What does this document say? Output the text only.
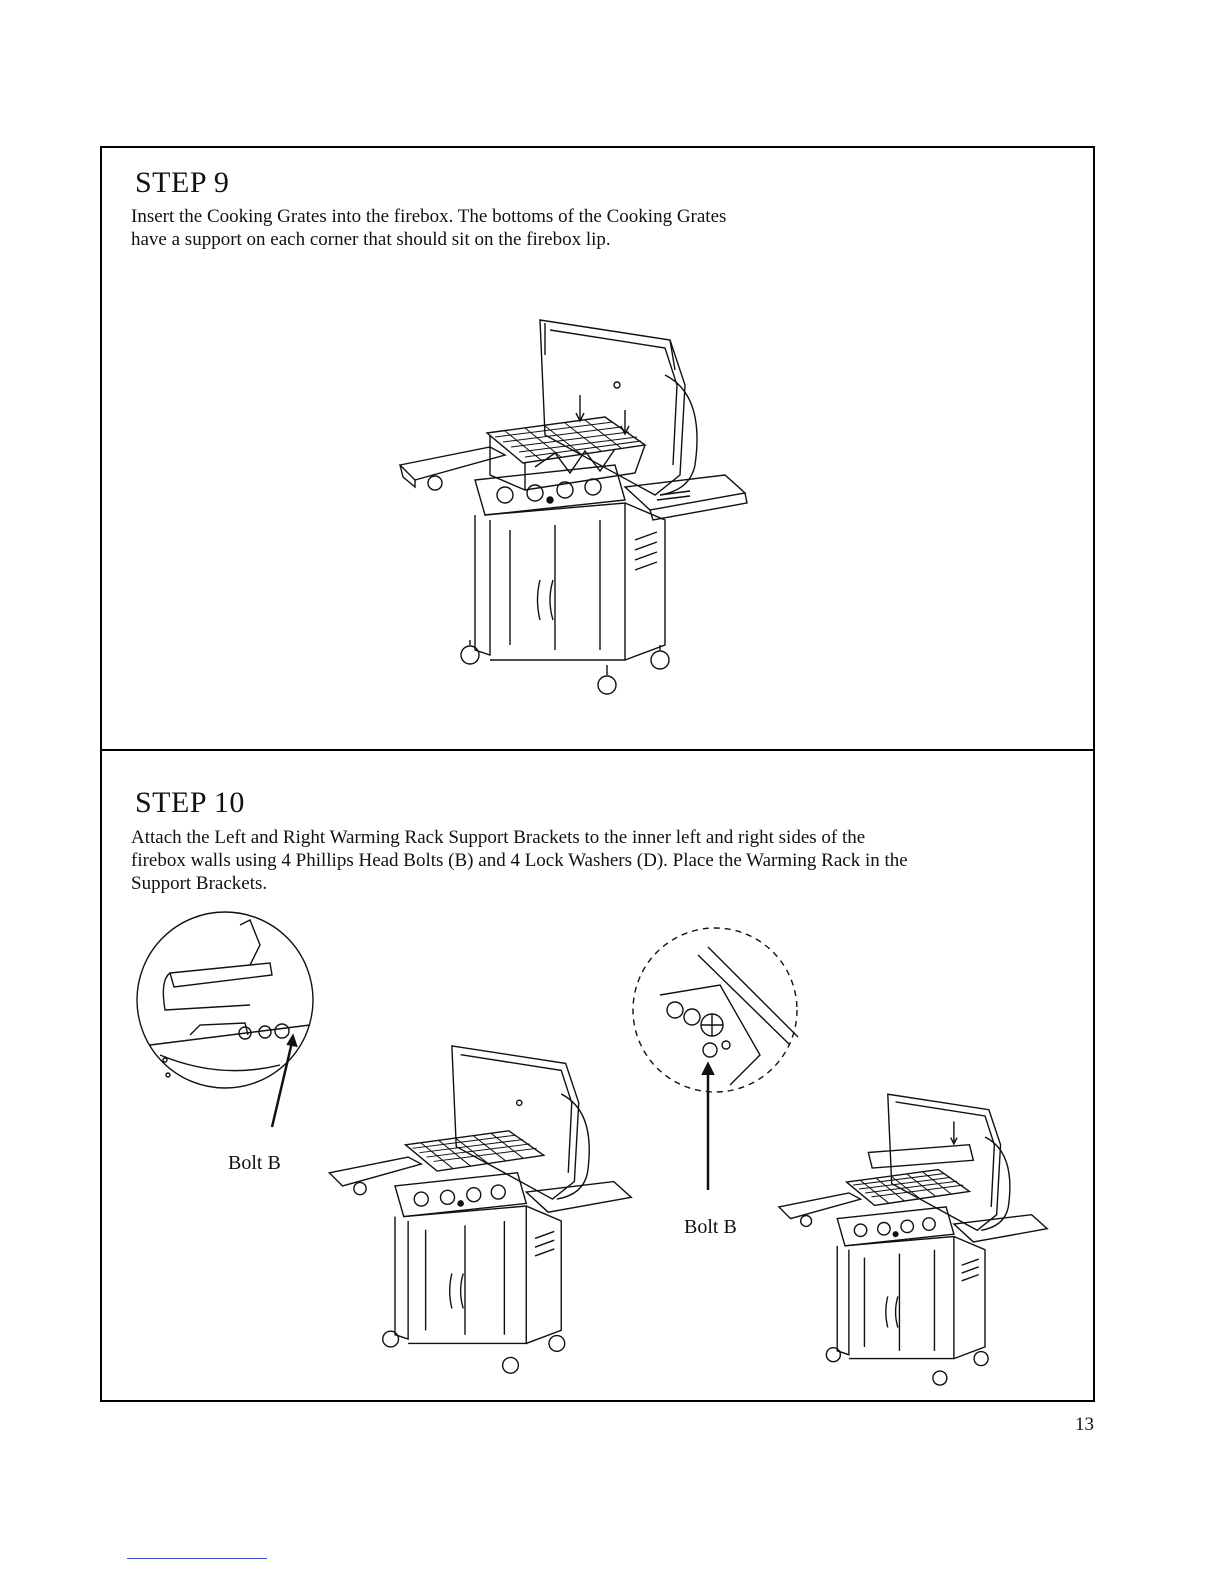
STEP 9
Insert the Cooking Grates into the firebox. The bottoms of the Cooking Grates
have a support on each corner that should sit on the firebox lip.
STEP 10
Attach the Left and Right Warming Rack Support Brackets to the inner left and right sides of the
firebox walls using 4 Phillips Head Bolts (B) and 4 Lock Washers (D). Place the Warming Rack in the
Support Brackets.
Bolt B
Bolt B
13
